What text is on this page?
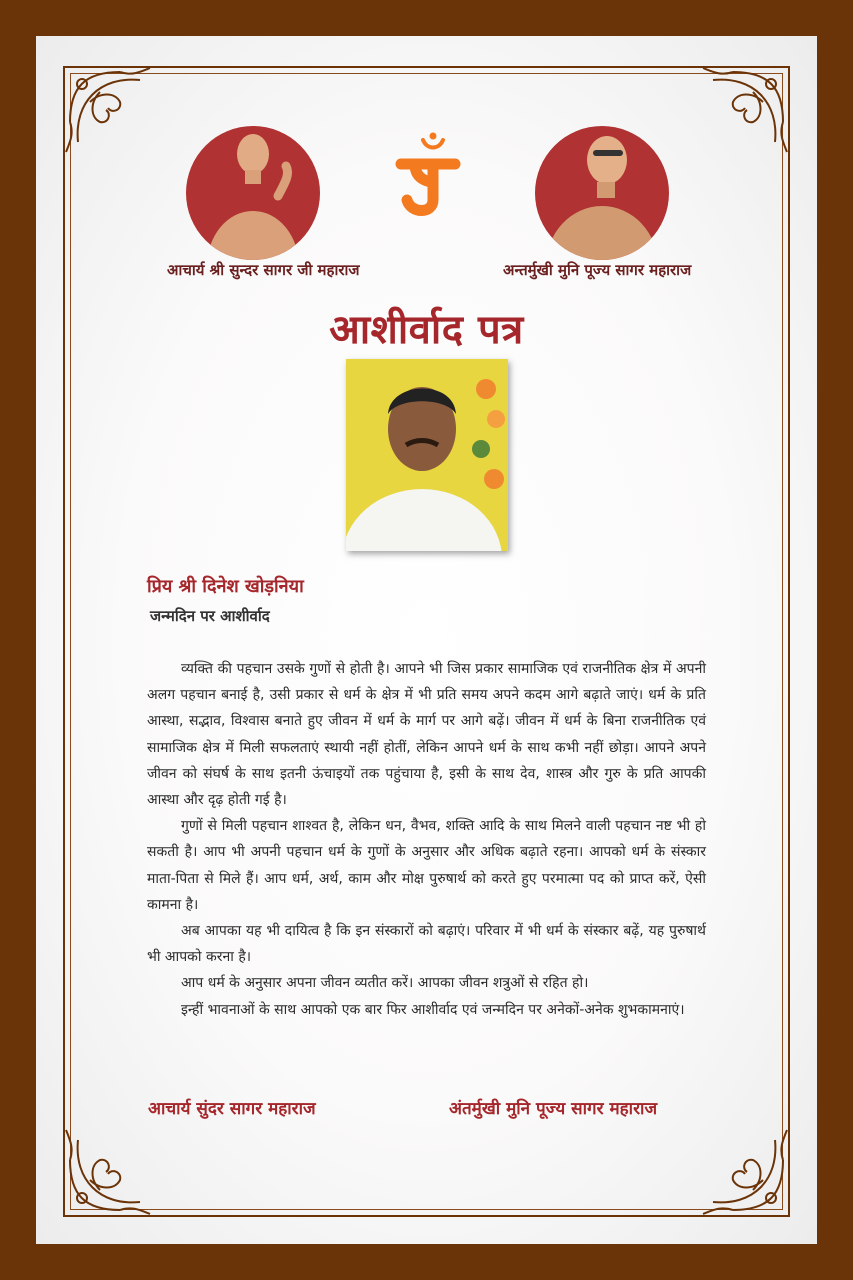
आचार्य श्री सुन्दर सागर जी महाराज	अन्तर्मुखी मुनि पूज्य सागर महाराज
आशीर्वाद पत्र
प्रिय श्री दिनेश खोड़निया
जन्मदिन पर आशीर्वाद

व्यक्ति की पहचान उसके गुणों से होती है। आपने भी जिस प्रकार सामाजिक एवं राजनीतिक क्षेत्र में अपनी अलग पहचान बनाई है, उसी प्रकार से धर्म के क्षेत्र में भी प्रति समय अपने कदम आगे बढ़ाते जाएं। धर्म के प्रति आस्था, सद्भाव, विश्वास बनाते हुए जीवन में धर्म के मार्ग पर आगे बढ़ें। जीवन में धर्म के बिना राजनीतिक एवं सामाजिक क्षेत्र में मिली सफलताएं स्थायी नहीं होतीं, लेकिन आपने धर्म के साथ कभी नहीं छोड़ा। आपने अपने जीवन को संघर्ष के साथ इतनी ऊंचाइयों तक पहुंचाया है, इसी के साथ देव, शास्त्र और गुरु के प्रति आपकी आस्था और दृढ़ होती गई है।

गुणों से मिली पहचान शाश्वत है, लेकिन धन, वैभव, शक्ति आदि के साथ मिलने वाली पहचान नष्ट भी हो सकती है। आप भी अपनी पहचान धर्म के गुणों के अनुसार और अधिक बढ़ाते रहना। आपको धर्म के संस्कार माता-पिता से मिले हैं। आप धर्म, अर्थ, काम और मोक्ष पुरुषार्थ को करते हुए परमात्मा पद को प्राप्त करें, ऐसी कामना है।

अब आपका यह भी दायित्व है कि इन संस्कारों को बढ़ाएं। परिवार में भी धर्म के संस्कार बढ़ें, यह पुरुषार्थ भी आपको करना है।

आप धर्म के अनुसार अपना जीवन व्यतीत करें। आपका जीवन शत्रुओं से रहित हो।

इन्हीं भावनाओं के साथ आपको एक बार फिर आशीर्वाद एवं जन्मदिन पर अनेकों-अनेक शुभकामनाएं।

आचार्य सुंदर सागर महाराज	अंतर्मुखी मुनि पूज्य सागर महाराज
